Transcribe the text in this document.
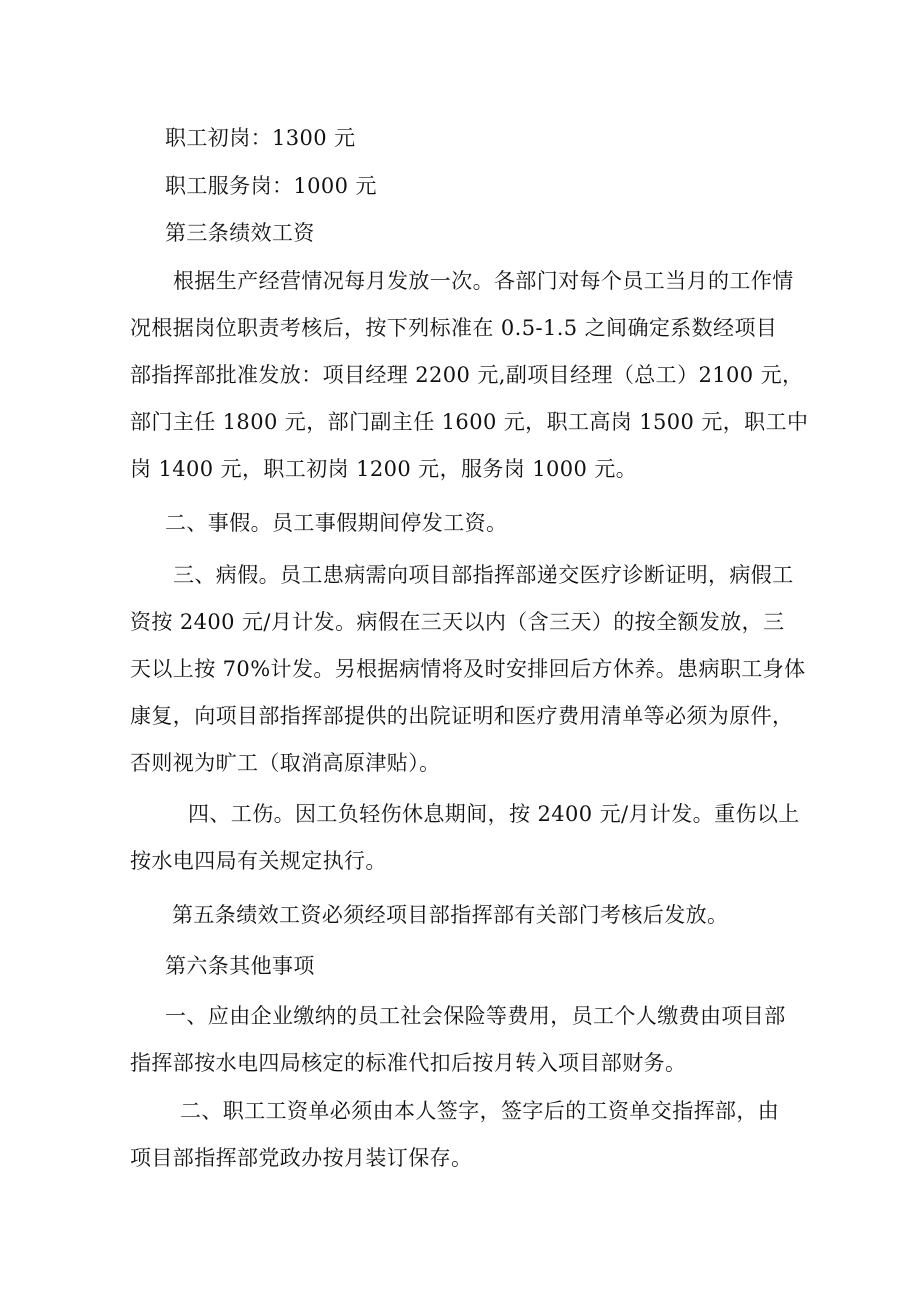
职工初岗：1300 元

职工服务岗：1000 元

第三条绩效工资

根据生产经营情况每月发放一次。各部门对每个员工当月的工作情
况根据岗位职责考核后，按下列标准在 0.5-1.5 之间确定系数经项目
部指挥部批准发放：项目经理 2200 元,副项目经理（总工）2100 元，
部门主任 1800 元，部门副主任 1600 元，职工高岗 1500 元，职工中
岗 1400 元，职工初岗 1200 元，服务岗 1000 元。

二、事假。员工事假期间停发工资。

三、病假。员工患病需向项目部指挥部递交医疗诊断证明，病假工
资按 2400 元/月计发。病假在三天以内（含三天）的按全额发放，三
天以上按 70%计发。另根据病情将及时安排回后方休养。患病职工身体
康复，向项目部指挥部提供的出院证明和医疗费用清单等必须为原件，
否则视为旷工（取消高原津贴）。

四、工伤。因工负轻伤休息期间，按 2400 元/月计发。重伤以上
按水电四局有关规定执行。

第五条绩效工资必须经项目部指挥部有关部门考核后发放。

第六条其他事项

一、应由企业缴纳的员工社会保险等费用，员工个人缴费由项目部
指挥部按水电四局核定的标准代扣后按月转入项目部财务。

二、职工工资单必须由本人签字，签字后的工资单交指挥部，由
项目部指挥部党政办按月装订保存。
